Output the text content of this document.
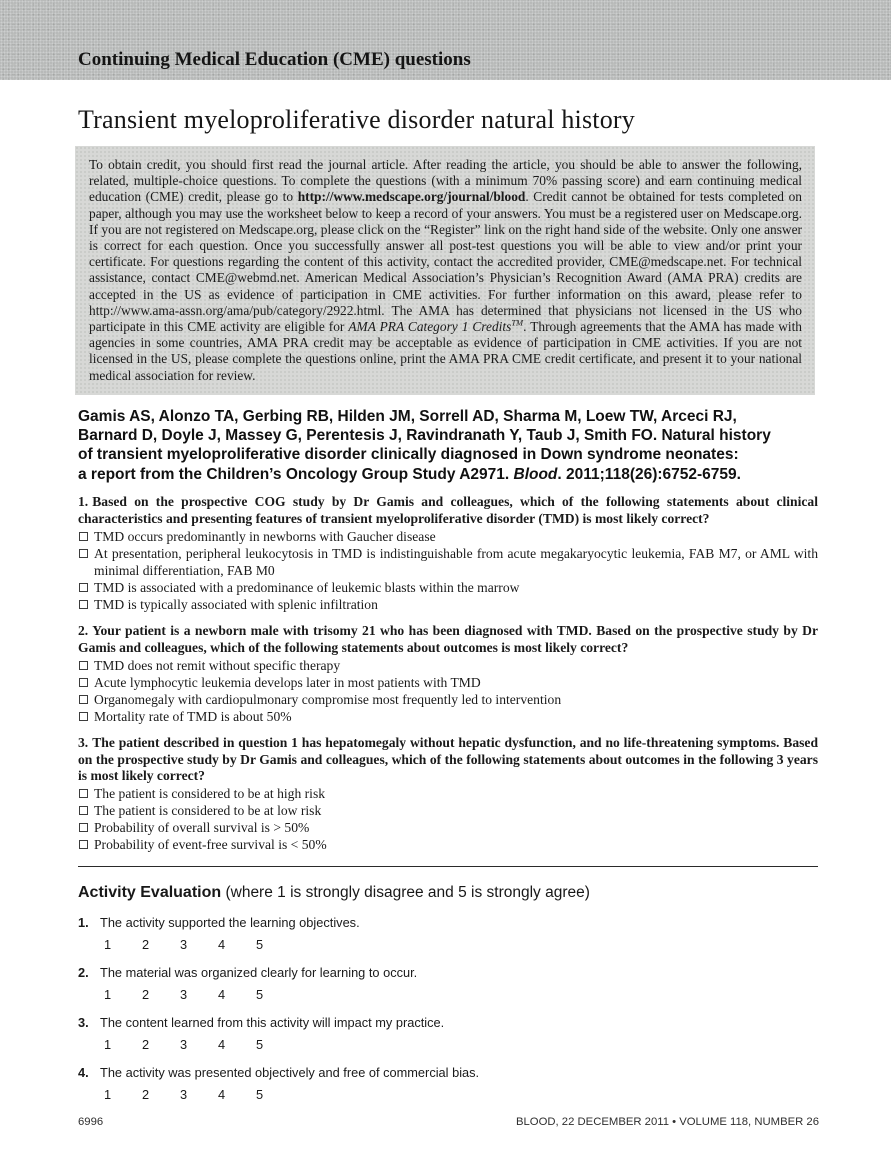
Continuing Medical Education (CME) questions
Transient myeloproliferative disorder natural history
To obtain credit, you should first read the journal article. After reading the article, you should be able to answer the following, related, multiple-choice questions. To complete the questions (with a minimum 70% passing score) and earn continuing medical education (CME) credit, please go to http://www.medscape.org/journal/blood. Credit cannot be obtained for tests completed on paper, although you may use the worksheet below to keep a record of your answers. You must be a registered user on Medscape.org. If you are not registered on Medscape.org, please click on the “Register” link on the right hand side of the website. Only one answer is correct for each question. Once you successfully answer all post-test questions you will be able to view and/or print your certificate. For questions regarding the content of this activity, contact the accredited provider, CME@medscape.net. For technical assistance, contact CME@webmd.net. American Medical Association’s Physician’s Recognition Award (AMA PRA) credits are accepted in the US as evidence of participation in CME activities. For further information on this award, please refer to http://www.ama-assn.org/ama/pub/category/2922.html. The AMA has determined that physicians not licensed in the US who participate in this CME activity are eligible for AMA PRA Category 1 Credits™. Through agreements that the AMA has made with agencies in some countries, AMA PRA credit may be acceptable as evidence of participation in CME activities. If you are not licensed in the US, please complete the questions online, print the AMA PRA CME credit certificate, and present it to your national medical association for review.

Gamis AS, Alonzo TA, Gerbing RB, Hilden JM, Sorrell AD, Sharma M, Loew TW, Arceci RJ,
Barnard D, Doyle J, Massey G, Perentesis J, Ravindranath Y, Taub J, Smith FO. Natural history
of transient myeloproliferative disorder clinically diagnosed in Down syndrome neonates:
a report from the Children’s Oncology Group Study A2971. Blood. 2011;118(26):6752-6759.

1. Based on the prospective COG study by Dr Gamis and colleagues, which of the following statements about clinical characteristics and presenting features of transient myeloproliferative disorder (TMD) is most likely correct?
TMD occurs predominantly in newborns with Gaucher disease
At presentation, peripheral leukocytosis in TMD is indistinguishable from acute megakaryocytic leukemia, FAB M7, or AML with minimal differentiation, FAB M0
TMD is associated with a predominance of leukemic blasts within the marrow
TMD is typically associated with splenic infiltration
2. Your patient is a newborn male with trisomy 21 who has been diagnosed with TMD. Based on the prospective study by Dr Gamis and colleagues, which of the following statements about outcomes is most likely correct?
TMD does not remit without specific therapy
Acute lymphocytic leukemia develops later in most patients with TMD
Organomegaly with cardiopulmonary compromise most frequently led to intervention
Mortality rate of TMD is about 50%
3. The patient described in question 1 has hepatomegaly without hepatic dysfunction, and no life-threatening symptoms. Based on the prospective study by Dr Gamis and colleagues, which of the following statements about outcomes in the following 3 years is most likely correct?
The patient is considered to be at high risk
The patient is considered to be at low risk
Probability of overall survival is > 50%
Probability of event-free survival is < 50%
Activity Evaluation (where 1 is strongly disagree and 5 is strongly agree)
1. The activity supported the learning objectives.
1 2 3 4 5
2. The material was organized clearly for learning to occur.
1 2 3 4 5
3. The content learned from this activity will impact my practice.
1 2 3 4 5
4. The activity was presented objectively and free of commercial bias.
1 2 3 4 5
6996	BLOOD, 22 DECEMBER 2011 • VOLUME 118, NUMBER 26
